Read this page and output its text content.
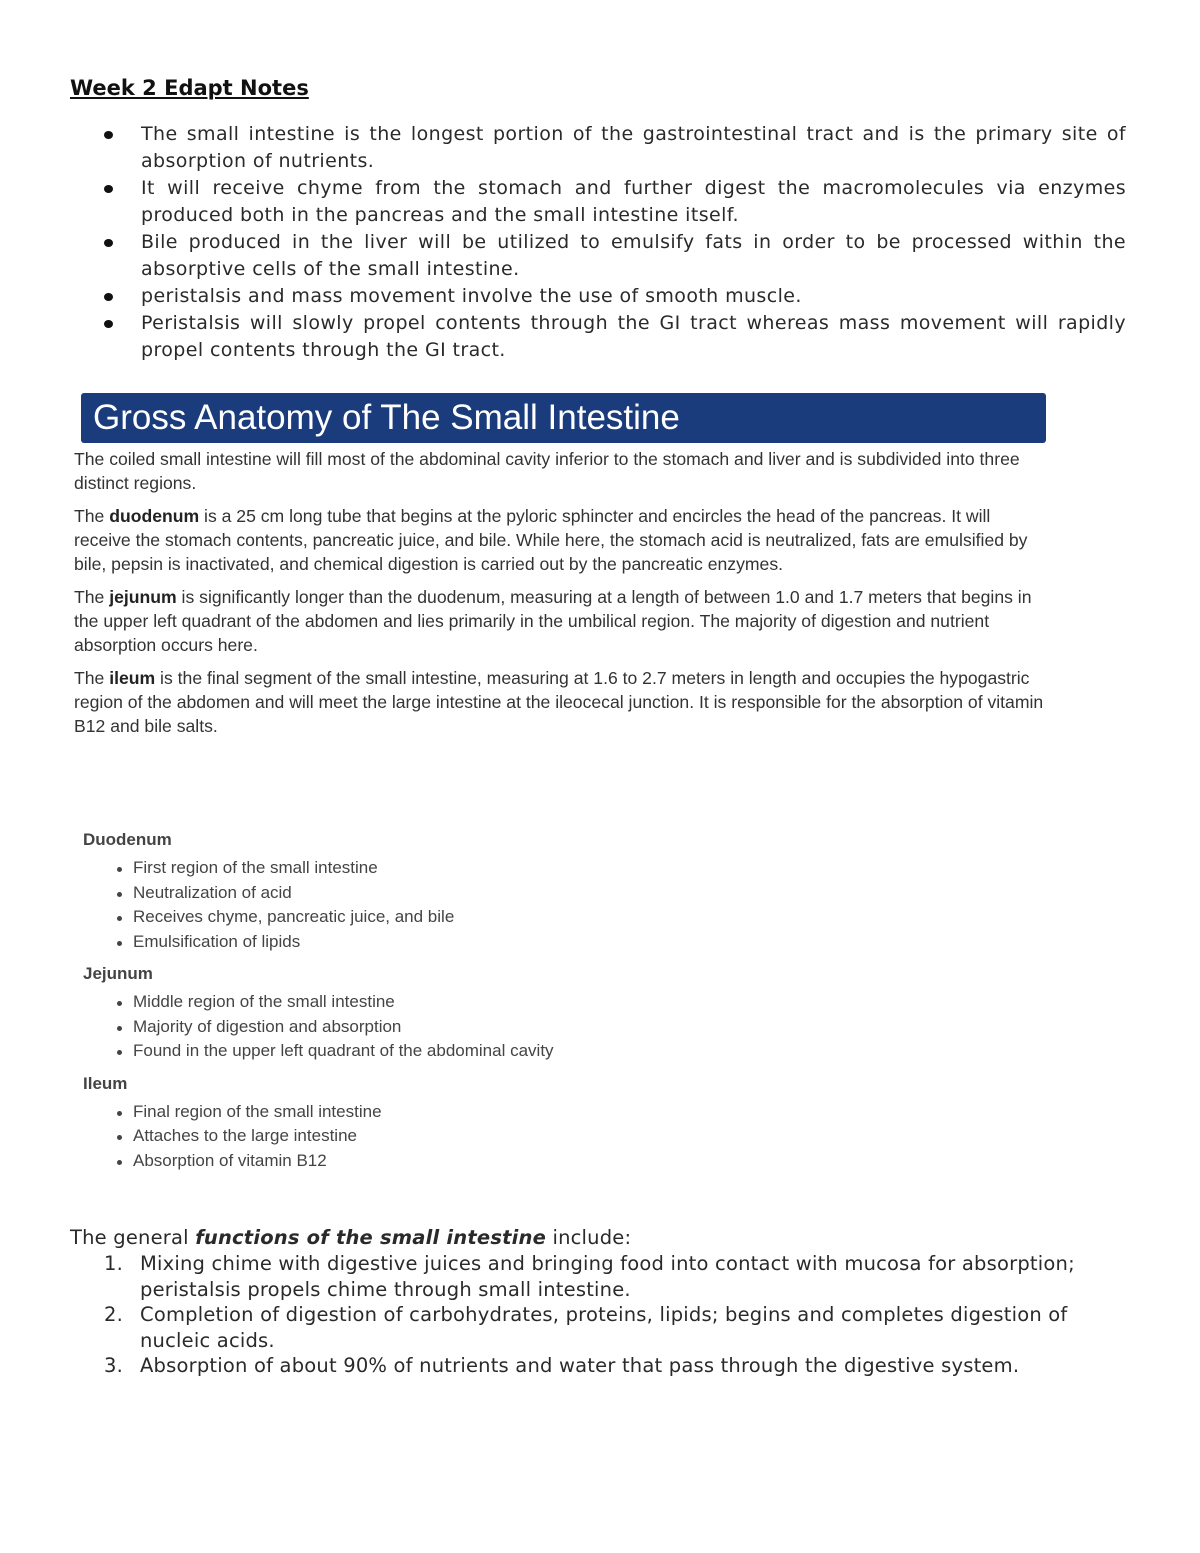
Week 2 Edapt Notes
The small intestine is the longest portion of the gastrointestinal tract and is the primary site of absorption of nutrients.
It will receive chyme from the stomach and further digest the macromolecules via enzymes produced both in the pancreas and the small intestine itself.
Bile produced in the liver will be utilized to emulsify fats in order to be processed within the absorptive cells of the small intestine.
peristalsis and mass movement involve the use of smooth muscle.
Peristalsis will slowly propel contents through the GI tract whereas mass movement will rapidly propel contents through the GI tract.
Gross Anatomy of The Small Intestine

The coiled small intestine will fill most of the abdominal cavity inferior to the stomach and liver and is subdivided into three distinct regions.

The duodenum is a 25 cm long tube that begins at the pyloric sphincter and encircles the head of the pancreas. It will receive the stomach contents, pancreatic juice, and bile. While here, the stomach acid is neutralized, fats are emulsified by bile, pepsin is inactivated, and chemical digestion is carried out by the pancreatic enzymes.

The jejunum is significantly longer than the duodenum, measuring at a length of between 1.0 and 1.7 meters that begins in the upper left quadrant of the abdomen and lies primarily in the umbilical region. The majority of digestion and nutrient absorption occurs here.

The ileum is the final segment of the small intestine, measuring at 1.6 to 2.7 meters in length and occupies the hypogastric region of the abdomen and will meet the large intestine at the ileocecal junction. It is responsible for the absorption of vitamin B12 and bile salts.

Duodenum
First region of the small intestine
Neutralization of acid
Receives chyme, pancreatic juice, and bile
Emulsification of lipids
Jejunum
Middle region of the small intestine
Majority of digestion and absorption
Found in the upper left quadrant of the abdominal cavity
Ileum
Final region of the small intestine
Attaches to the large intestine
Absorption of vitamin B12
The general functions of the small intestine include:
1. Mixing chime with digestive juices and bringing food into contact with mucosa for absorption; peristalsis propels chime through small intestine.
2. Completion of digestion of carbohydrates, proteins, lipids; begins and completes digestion of nucleic acids.
3. Absorption of about 90% of nutrients and water that pass through the digestive system.
